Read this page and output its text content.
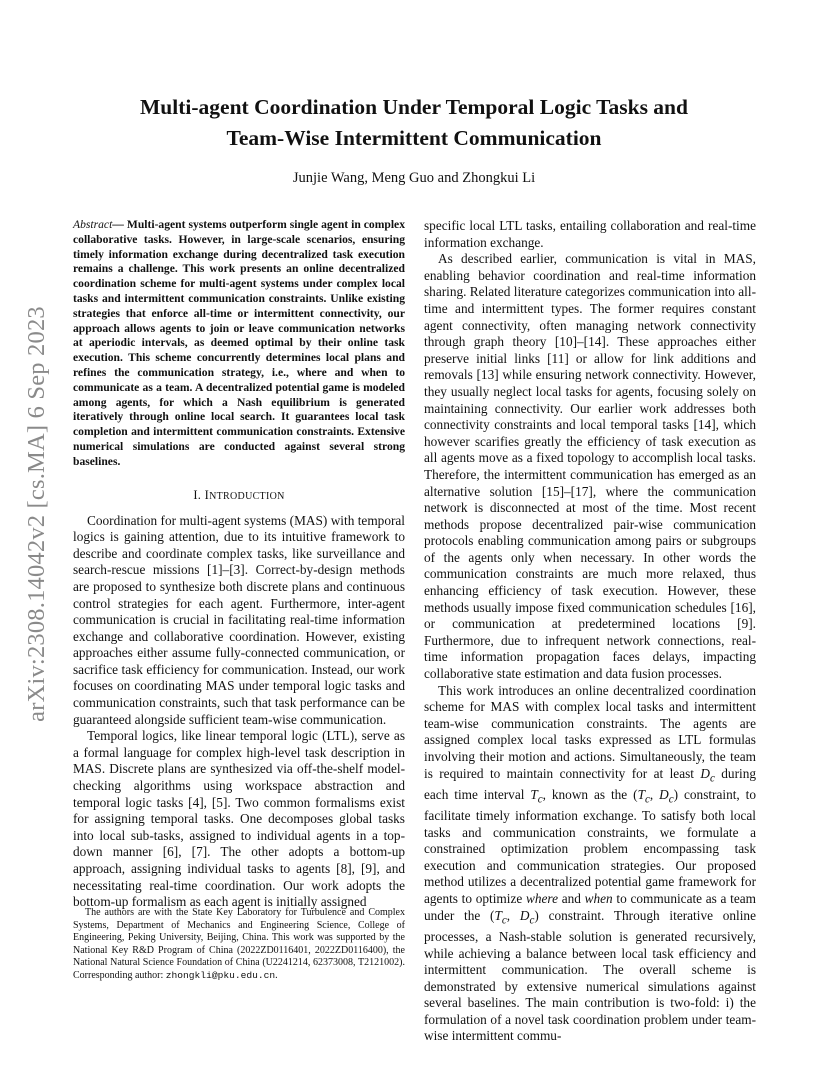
Multi-agent Coordination Under Temporal Logic Tasks and
Team-Wise Intermittent Communication
Junjie Wang, Meng Guo and Zhongkui Li
arXiv:2308.14042v2 [cs.MA] 6 Sep 2023

Abstract— Multi-agent systems outperform single agent in complex collaborative tasks. However, in large-scale scenarios, ensuring timely information exchange during decentralized task execution remains a challenge. This work presents an online decentralized coordination scheme for multi-agent systems under complex local tasks and intermittent communication constraints. Unlike existing strategies that enforce all-time or intermittent connectivity, our approach allows agents to join or leave communication networks at aperiodic intervals, as deemed optimal by their online task execution. This scheme concurrently determines local plans and refines the communication strategy, i.e., where and when to communicate as a team. A decentralized potential game is modeled among agents, for which a Nash equilibrium is generated iteratively through online local search. It guarantees local task completion and intermittent communication constraints. Extensive numerical simulations are conducted against several strong baselines.

I. INTRODUCTION

Coordination for multi-agent systems (MAS) with temporal logics is gaining attention, due to its intuitive framework to describe and coordinate complex tasks, like surveillance and search-rescue missions [1]–[3]. Correct-by-design methods are proposed to synthesize both discrete plans and continuous control strategies for each agent. Furthermore, inter-agent communication is crucial in facilitating real-time information exchange and collaborative coordination. However, existing approaches either assume fully-connected communication, or sacrifice task efficiency for communication. Instead, our work focuses on coordinating MAS under temporal logic tasks and communication constraints, such that task performance can be guaranteed alongside sufficient team-wise communication.

Temporal logics, like linear temporal logic (LTL), serve as a formal language for complex high-level task description in MAS. Discrete plans are synthesized via off-the-shelf model-checking algorithms using workspace abstraction and temporal logic tasks [4], [5]. Two common formalisms exist for assigning temporal tasks. One decomposes global tasks into local sub-tasks, assigned to individual agents in a top-down manner [6], [7]. The other adopts a bottom-up approach, assigning individual tasks to agents [8], [9], and necessitating real-time coordination. Our work adopts the bottom-up formalism as each agent is initially assigned

The authors are with the State Key Laboratory for Turbulence and Complex Systems, Department of Mechanics and Engineering Science, College of Engineering, Peking University, Beijing, China. This work was supported by the National Key R&D Program of China (2022ZD0116401, 2022ZD0116400), the National Natural Science Foundation of China (U2241214, 62373008, T2121002). Corresponding author: zhongkli@pku.edu.cn.

specific local LTL tasks, entailing collaboration and real-time information exchange.

As described earlier, communication is vital in MAS, enabling behavior coordination and real-time information sharing. Related literature categorizes communication into all-time and intermittent types. The former requires constant agent connectivity, often managing network connectivity through graph theory [10]–[14]. These approaches either preserve initial links [11] or allow for link additions and removals [13] while ensuring network connectivity. However, they usually neglect local tasks for agents, focusing solely on maintaining connectivity. Our earlier work addresses both connectivity constraints and local temporal tasks [14], which however scarifies greatly the efficiency of task execution as all agents move as a fixed topology to accomplish local tasks. Therefore, the intermittent communication has emerged as an alternative solution [15]–[17], where the communication network is disconnected at most of the time. Most recent methods propose decentralized pair-wise communication protocols enabling communication among pairs or subgroups of the agents only when necessary. In other words the communication constraints are much more relaxed, thus enhancing efficiency of task execution. However, these methods usually impose fixed communication schedules [16], or communication at predetermined locations [9]. Furthermore, due to infrequent network connections, real-time information propagation faces delays, impacting collaborative state estimation and data fusion processes.

This work introduces an online decentralized coordination scheme for MAS with complex local tasks and intermittent team-wise communication constraints. The agents are assigned complex local tasks expressed as LTL formulas involving their motion and actions. Simultaneously, the team is required to maintain connectivity for at least $D_c$ during each time interval $T_c$, known as the ($T_c$, $D_c$) constraint, to facilitate timely information exchange. To satisfy both local tasks and communication constraints, we formulate a constrained optimization problem encompassing task execution and communication strategies. Our proposed method utilizes a decentralized potential game framework for agents to optimize where and when to communicate as a team under the ($T_c$, $D_c$) constraint. Through iterative online processes, a Nash-stable solution is generated recursively, while achieving a balance between local task efficiency and intermittent communication. The overall scheme is demonstrated by extensive numerical simulations against several baselines. The main contribution is two-fold: i) the formulation of a novel task coordination problem under team-wise intermittent commu-
